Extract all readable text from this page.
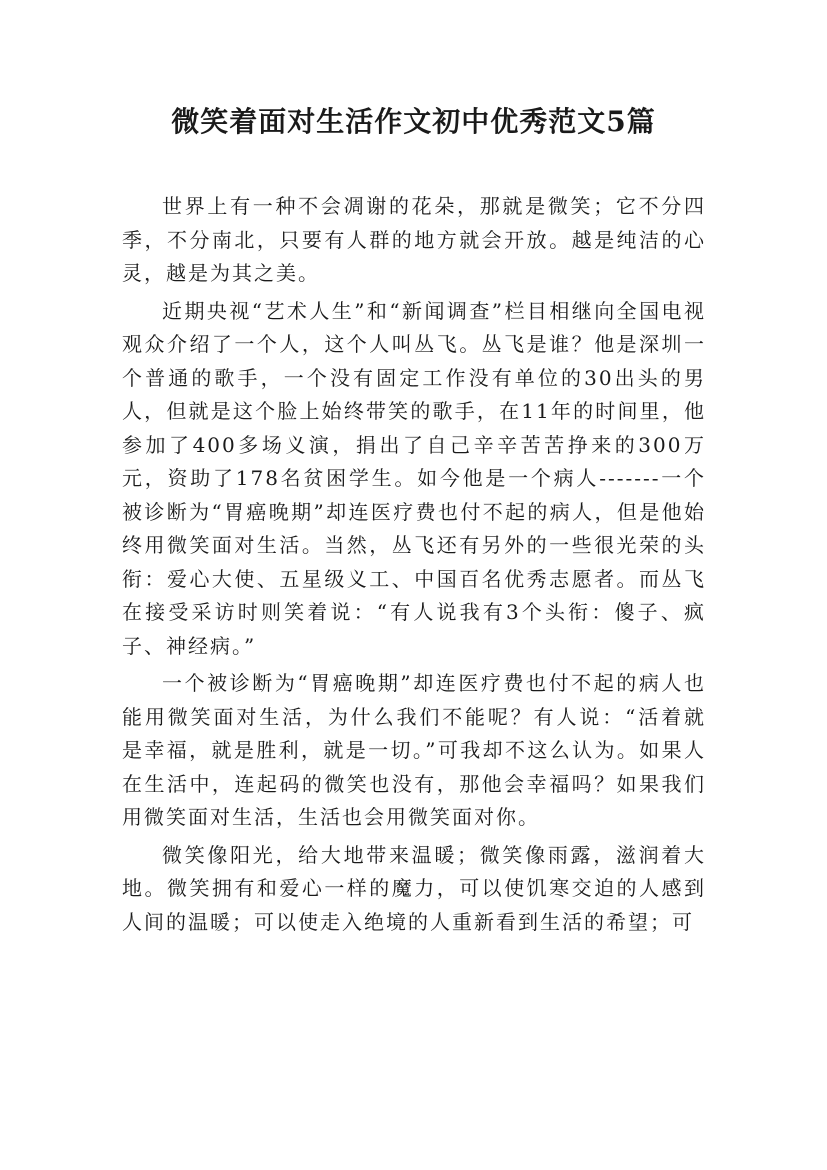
微笑着面对生活作文初中优秀范文5篇

世界上有一种不会凋谢的花朵，那就是微笑；它不分四季，不分南北，只要有人群的地方就会开放。越是纯洁的心灵，越是为其之美。

近期央视“艺术人生”和“新闻调查”栏目相继向全国电视观众介绍了一个人，这个人叫丛飞。丛飞是谁？他是深圳一个普通的歌手，一个没有固定工作没有单位的30出头的男人，但就是这个脸上始终带笑的歌手，在11年的时间里，他参加了400多场义演，捐出了自己辛辛苦苦挣来的300万元，资助了178名贫困学生。如今他是一个病人-------一个被诊断为“胃癌晚期”却连医疗费也付不起的病人，但是他始终用微笑面对生活。当然，丛飞还有另外的一些很光荣的头衔：爱心大使、五星级义工、中国百名优秀志愿者。而丛飞在接受采访时则笑着说：“有人说我有3个头衔：傻子、疯子、神经病。”

一个被诊断为“胃癌晚期”却连医疗费也付不起的病人也能用微笑面对生活，为什么我们不能呢？有人说：“活着就是幸福，就是胜利，就是一切。”可我却不这么认为。如果人在生活中，连起码的微笑也没有，那他会幸福吗？如果我们用微笑面对生活，生活也会用微笑面对你。

微笑像阳光，给大地带来温暖；微笑像雨露，滋润着大地。微笑拥有和爱心一样的魔力，可以使饥寒交迫的人感到人间的温暖；可以使走入绝境的人重新看到生活的希望；可
